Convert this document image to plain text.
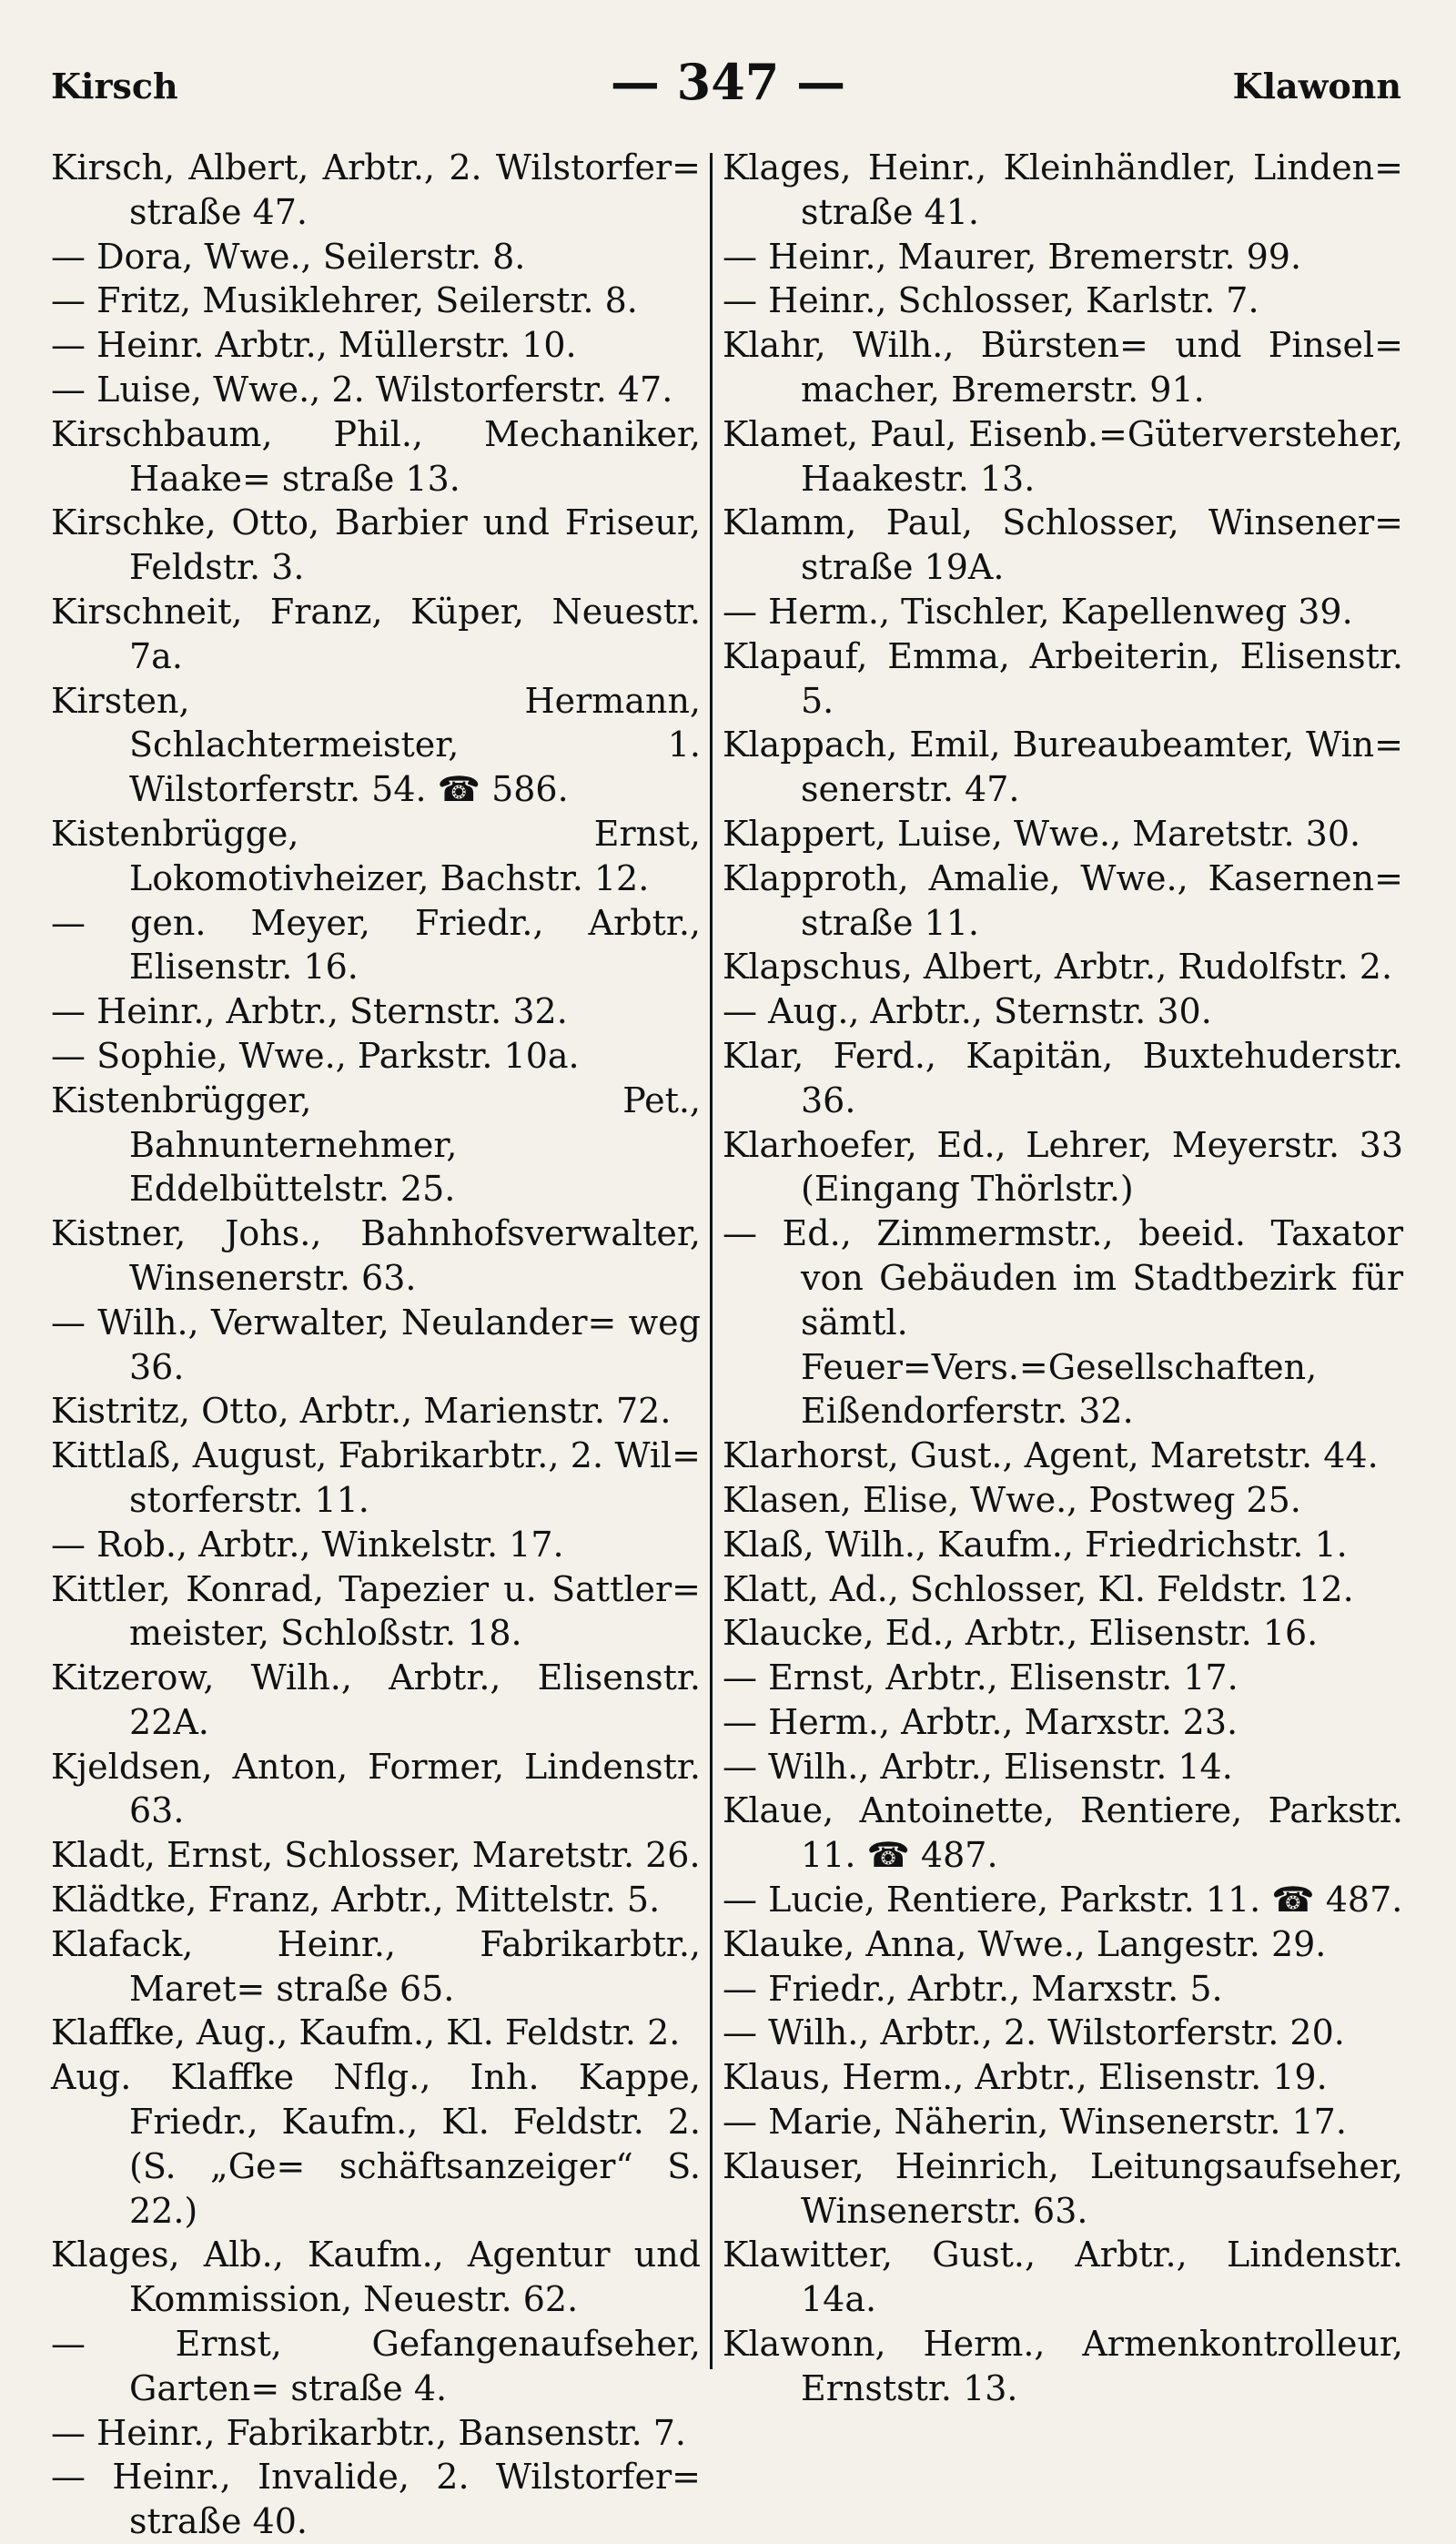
Kirsch	— 347 —	Klawonn
Kirsch, Albert, Arbtr., 2. Wilstorfer= straße 47.
— Dora, Wwe., Seilerstr. 8.
— Fritz, Musiklehrer, Seilerstr. 8.
— Heinr. Arbtr., Müllerstr. 10.
— Luise, Wwe., 2. Wilstorferstr. 47.
Kirschbaum, Phil., Mechaniker, Haake= straße 13.
Kirschke, Otto, Barbier und Friseur, Feldstr. 3.
Kirschneit, Franz, Küper, Neuestr. 7a.
Kirsten, Hermann, Schlachtermeister, 1. Wilstorferstr. 54. ☎ 586.
Kistenbrügge, Ernst, Lokomotivheizer, Bachstr. 12.
— gen. Meyer, Friedr., Arbtr., Elisenstr. 16.
— Heinr., Arbtr., Sternstr. 32.
— Sophie, Wwe., Parkstr. 10a.
Kistenbrügger, Pet., Bahnunternehmer, Eddelbüttelstr. 25.
Kistner, Johs., Bahnhofsverwalter, Winsenerstr. 63.
— Wilh., Verwalter, Neulander= weg 36.
Kistritz, Otto, Arbtr., Marienstr. 72.
Kittlaß, August, Fabrikarbtr., 2. Wil= storferstr. 11.
— Rob., Arbtr., Winkelstr. 17.
Kittler, Konrad, Tapezier u. Sattler= meister, Schloßstr. 18.
Kitzerow, Wilh., Arbtr., Elisenstr. 22A.
Kjeldsen, Anton, Former, Lindenstr. 63.
Kladt, Ernst, Schlosser, Maretstr. 26.
Klädtke, Franz, Arbtr., Mittelstr. 5.
Klafack, Heinr., Fabrikarbtr., Maret= straße 65.
Klaffke, Aug., Kaufm., Kl. Feldstr. 2.
Aug. Klaffke Nflg., Inh. Kappe, Friedr., Kaufm., Kl. Feldstr. 2. (S. „Ge= schäftsanzeiger“ S. 22.)
Klages, Alb., Kaufm., Agentur und Kommission, Neuestr. 62.
— Ernst, Gefangenaufseher, Garten= straße 4.
— Heinr., Fabrikarbtr., Bansenstr. 7.
— Heinr., Invalide, 2. Wilstorfer= straße 40.
Klages, Heinr., Kleinhändler, Linden= straße 41.
— Heinr., Maurer, Bremerstr. 99.
— Heinr., Schlosser, Karlstr. 7.
Klahr, Wilh., Bürsten= und Pinsel= macher, Bremerstr. 91.
Klamet, Paul, Eisenb.=Güterversteher, Haakestr. 13.
Klamm, Paul, Schlosser, Winsener= straße 19A.
— Herm., Tischler, Kapellenweg 39.
Klapauf, Emma, Arbeiterin, Elisenstr. 5.
Klappach, Emil, Bureaubeamter, Win= senerstr. 47.
Klappert, Luise, Wwe., Maretstr. 30.
Klapproth, Amalie, Wwe., Kasernen= straße 11.
Klapschus, Albert, Arbtr., Rudolfstr. 2.
— Aug., Arbtr., Sternstr. 30.
Klar, Ferd., Kapitän, Buxtehuderstr. 36.
Klarhoefer, Ed., Lehrer, Meyerstr. 33 (Eingang Thörlstr.)
— Ed., Zimmermstr., beeid. Taxator von Gebäuden im Stadtbezirk für sämtl. Feuer=Vers.=Gesellschaften, Eißendorferstr. 32.
Klarhorst, Gust., Agent, Maretstr. 44.
Klasen, Elise, Wwe., Postweg 25.
Klaß, Wilh., Kaufm., Friedrichstr. 1.
Klatt, Ad., Schlosser, Kl. Feldstr. 12.
Klaucke, Ed., Arbtr., Elisenstr. 16.
— Ernst, Arbtr., Elisenstr. 17.
— Herm., Arbtr., Marxstr. 23.
— Wilh., Arbtr., Elisenstr. 14.
Klaue, Antoinette, Rentiere, Parkstr. 11. ☎ 487.
— Lucie, Rentiere, Parkstr. 11. ☎ 487.
Klauke, Anna, Wwe., Langestr. 29.
— Friedr., Arbtr., Marxstr. 5.
— Wilh., Arbtr., 2. Wilstorferstr. 20.
Klaus, Herm., Arbtr., Elisenstr. 19.
— Marie, Näherin, Winsenerstr. 17.
Klauser, Heinrich, Leitungsaufseher, Winsenerstr. 63.
Klawitter, Gust., Arbtr., Lindenstr. 14a.
Klawonn, Herm., Armenkontrolleur, Ernststr. 13.
